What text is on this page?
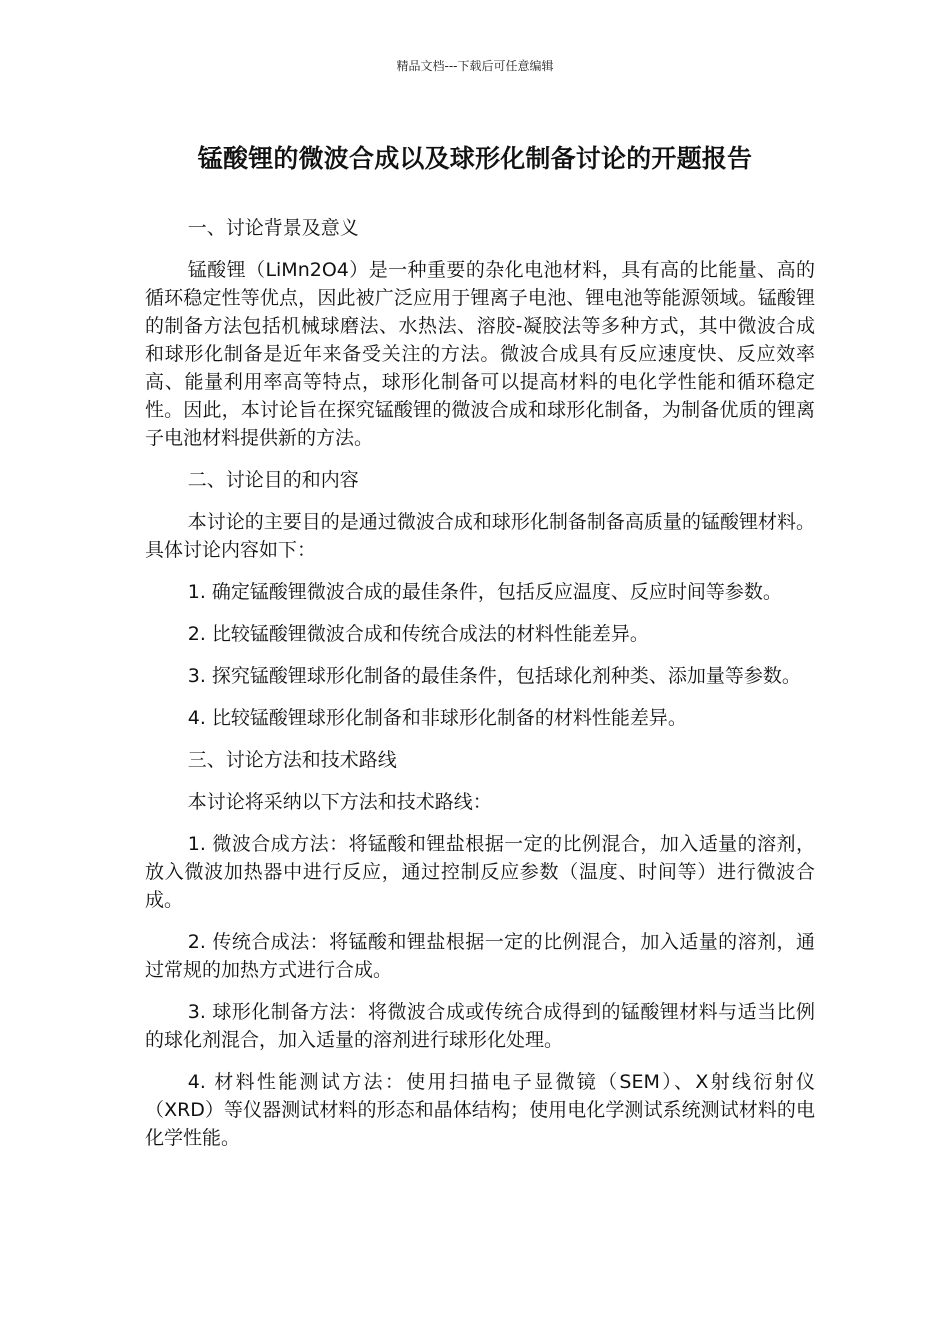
精品文档---下载后可任意编辑
锰酸锂的微波合成以及球形化制备讨论的开题报告
一、讨论背景及意义
锰酸锂（LiMn2O4）是一种重要的杂化电池材料，具有高的比能量、高的循环稳定性等优点，因此被广泛应用于锂离子电池、锂电池等能源领域。锰酸锂的制备方法包括机械球磨法、水热法、溶胶-凝胶法等多种方式，其中微波合成和球形化制备是近年来备受关注的方法。微波合成具有反应速度快、反应效率高、能量利用率高等特点，球形化制备可以提高材料的电化学性能和循环稳定性。因此，本讨论旨在探究锰酸锂的微波合成和球形化制备，为制备优质的锂离子电池材料提供新的方法。
二、讨论目的和内容
本讨论的主要目的是通过微波合成和球形化制备制备高质量的锰酸锂材料。具体讨论内容如下：
1. 确定锰酸锂微波合成的最佳条件，包括反应温度、反应时间等参数。
2. 比较锰酸锂微波合成和传统合成法的材料性能差异。
3. 探究锰酸锂球形化制备的最佳条件，包括球化剂种类、添加量等参数。
4. 比较锰酸锂球形化制备和非球形化制备的材料性能差异。
三、讨论方法和技术路线
本讨论将采纳以下方法和技术路线：
1. 微波合成方法：将锰酸和锂盐根据一定的比例混合，加入适量的溶剂，放入微波加热器中进行反应，通过控制反应参数（温度、时间等）进行微波合成。
2. 传统合成法：将锰酸和锂盐根据一定的比例混合，加入适量的溶剂，通过常规的加热方式进行合成。
3. 球形化制备方法：将微波合成或传统合成得到的锰酸锂材料与适当比例的球化剂混合，加入适量的溶剂进行球形化处理。
4. 材料性能测试方法：使用扫描电子显微镜（SEM）、X射线衍射仪（XRD）等仪器测试材料的形态和晶体结构；使用电化学测试系统测试材料的电化学性能。
